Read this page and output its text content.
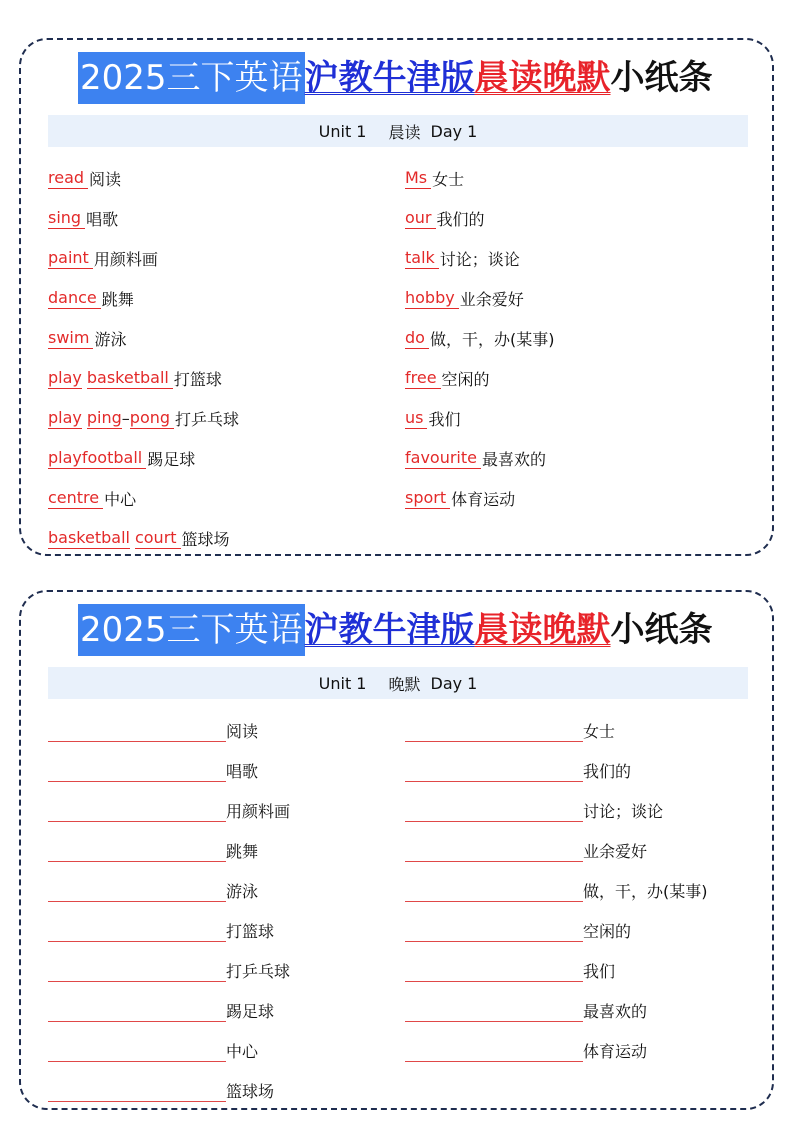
2025三下英语 沪教牛津版 晨读晚默 小纸条
Unit 1 晨读 Day 1
read 阅读
sing 唱歌
paint 用颜料画
dance 跳舞
swim 游泳
play basketball 打篮球
play ping – pong 打乒乓球
playfootball 踢足球
centre 中心
basketball court 篮球场
Ms 女士
our 我们的
talk 讨论；谈论
hobby 业余爱好
do 做，干，办(某事)
free 空闲的
us 我们
favourite 最喜欢的
sport 体育运动
2025三下英语 沪教牛津版 晨读晚默 小纸条
Unit 1 晚默 Day 1
阅读
唱歌
用颜料画
跳舞
游泳
打篮球
打乒乓球
踢足球
中心
篮球场
女士
我们的
讨论；谈论
业余爱好
做，干，办(某事)
空闲的
我们
最喜欢的
体育运动
